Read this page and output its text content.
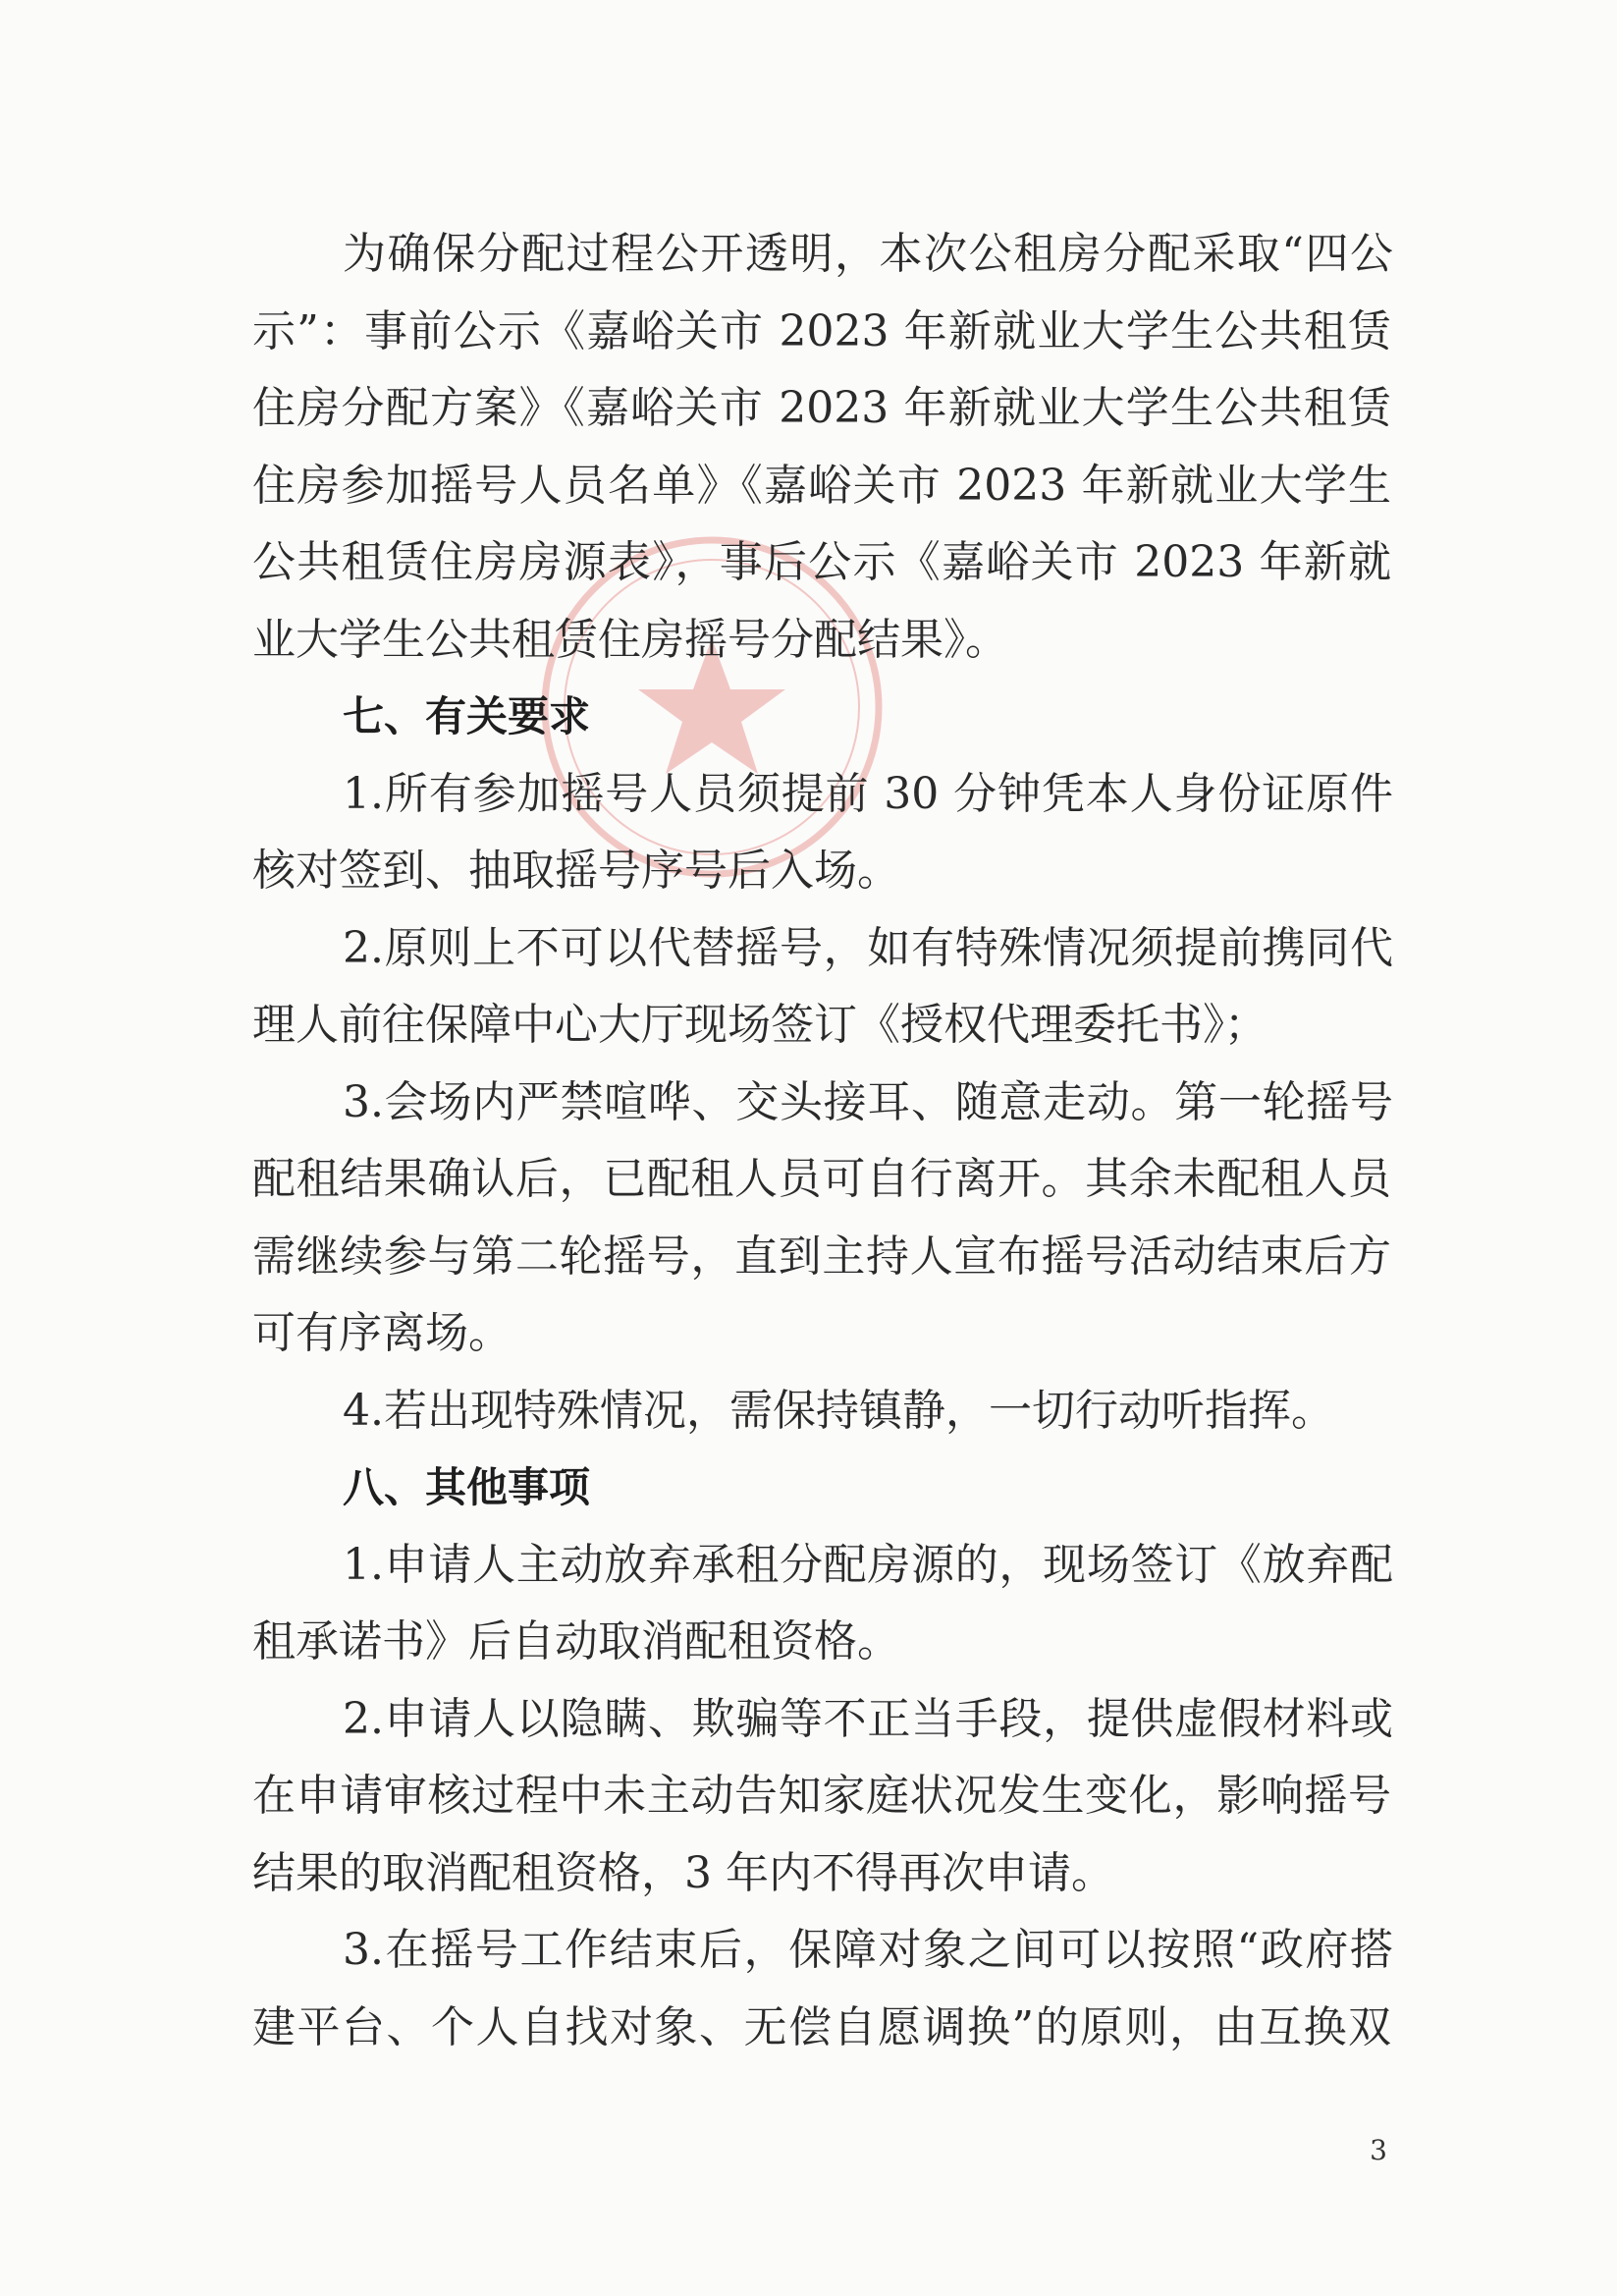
为确保分配过程公开透明，本次公租房分配采取“四公
示”：事前公示《嘉峪关市 2023 年新就业大学生公共租赁
住房分配方案》《嘉峪关市 2023 年新就业大学生公共租赁
住房参加摇号人员名单》《嘉峪关市 2023 年新就业大学生
公共租赁住房房源表》，事后公示《嘉峪关市 2023 年新就
业大学生公共租赁住房摇号分配结果》。
七、有关要求
1.所有参加摇号人员须提前 30 分钟凭本人身份证原件
核对签到、抽取摇号序号后入场。
2.原则上不可以代替摇号，如有特殊情况须提前携同代
理人前往保障中心大厅现场签订《授权代理委托书》；
3.会场内严禁喧哗、交头接耳、随意走动。第一轮摇号
配租结果确认后，已配租人员可自行离开。其余未配租人员
需继续参与第二轮摇号，直到主持人宣布摇号活动结束后方
可有序离场。
4.若出现特殊情况，需保持镇静，一切行动听指挥。
八、其他事项
1.申请人主动放弃承租分配房源的，现场签订《放弃配
租承诺书》后自动取消配租资格。
2.申请人以隐瞒、欺骗等不正当手段，提供虚假材料或
在申请审核过程中未主动告知家庭状况发生变化，影响摇号
结果的取消配租资格，3 年内不得再次申请。
3.在摇号工作结束后，保障对象之间可以按照“政府搭
建平台、个人自找对象、无偿自愿调换”的原则，由互换双
3
